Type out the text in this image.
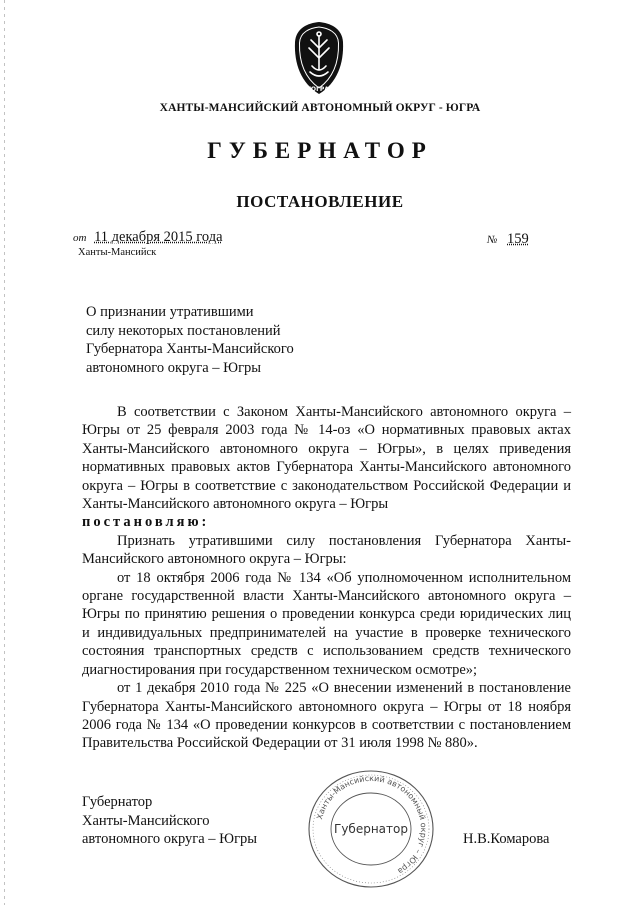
ЮГРА
ХАНТЫ-МАНСИЙСКИЙ АВТОНОМНЫЙ ОКРУГ - ЮГРА
ГУБЕРНАТОР
ПОСТАНОВЛЕНИЕ
от 11 декабря 2015 года
Ханты-Мансийск
№ 159
О признании утратившими
силу некоторых постановлений
Губернатора Ханты-Мансийского
автономного округа – Югры

В соответствии с Законом Ханты-Мансийского автономного округа – Югры от 25 февраля 2003 года № 14-оз «О нормативных правовых актах Ханты-Мансийского автономного округа – Югры», в целях приведения нормативных правовых актов Губернатора Ханты-Мансийского автономного округа – Югры в соответствие с законодательством Российской Федерации и Ханты-Мансийского автономного округа – Югры

постановляю:

Признать утратившими силу постановления Губернатора Ханты-Мансийского автономного округа – Югры:

от 18 октября 2006 года № 134 «Об уполномоченном исполнительном органе государственной власти Ханты-Мансийского автономного округа – Югры по принятию решения о проведении конкурса среди юридических лиц и индивидуальных предпринимателей на участие в проверке технического состояния транспортных средств с использованием средств технического диагностирования при государственном техническом осмотре»;

от 1 декабря 2010 года № 225 «О внесении изменений в постановление Губернатора Ханты-Мансийского автономного округа – Югры от 18 ноября 2006 года № 134 «О проведении конкурсов в соответствии с постановлением Правительства Российской Федерации от 31 июля 1998 № 880».

Губернатор
Ханты-Мансийского
автономного округа – Югры
Ханты-Мансийский автономный округ – Югра
Губернатор
Н.В.Комарова
